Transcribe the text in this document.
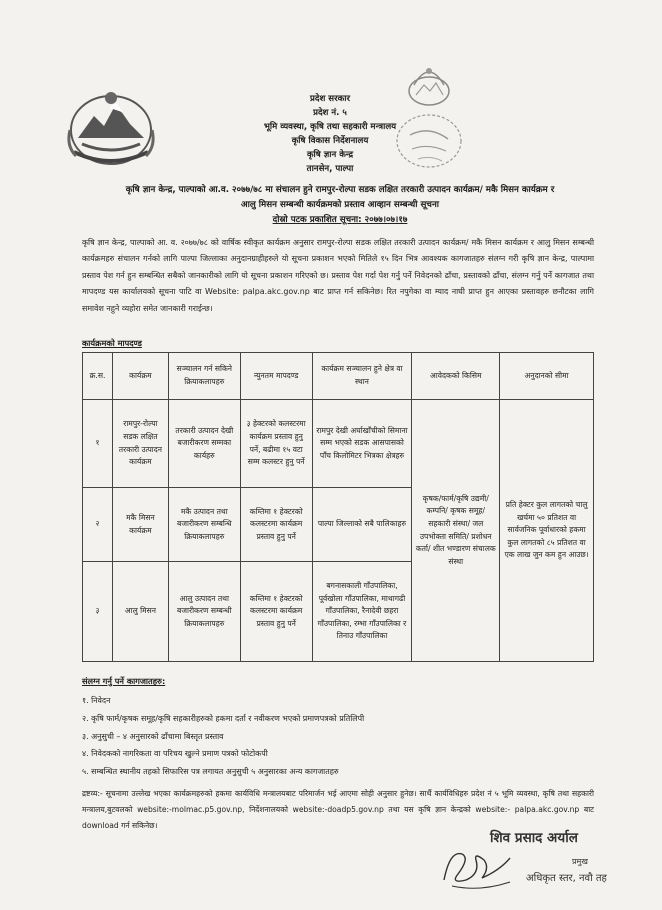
प्रदेश सरकार
प्रदेश नं. ५
भूमि व्यवस्था, कृषि तथा सहकारी मन्त्रालय
कृषि विकास निर्देशनालय
कृषि ज्ञान केन्द्र
तानसेन, पाल्पा
कृषि ज्ञान केन्द्र, पाल्पाको आ.व. २०७७/७८ मा संचालन हुने रामपुर-रोल्पा सडक लक्षित तरकारी उत्पादन कार्यक्रम/ मकै मिसन कार्यक्रम र
आलु मिसन सम्बन्धी कार्यक्रमको प्रस्ताव आव्हान सम्बन्धी सूचना
दोस्रो पटक प्रकाशित सूचना: २०७७।०७।१७
कृषि ज्ञान केन्द्र, पाल्पाको आ. व. २०७७/७८ को वार्षिक स्वीकृत कार्यक्रम अनुसार रामपुर-रोल्पा सडक लक्षित तरकारी उत्पादन कार्यक्रम/ मकै मिसन कार्यक्रम र आलु मिसन सम्बन्धी कार्यक्रमहरु संचालन गर्नको लागि पाल्पा जिल्लाका अनुदानग्राहीहरुले यो सूचना प्रकाशन भएको मितिले १५ दिन भित्र आवश्यक कागजातहरु संलग्न गरी कृषि ज्ञान केन्द्र, पाल्पामा प्रस्ताव पेश गर्न हुन सम्बन्धित सबैको जानकारीको लागि यो सूचना प्रकाशन गरिएको छ। प्रस्ताव पेश गर्दा पेश गर्नु पर्ने निवेदनको ढाँचा, प्रस्तावको ढाँचा, संलग्न गर्नु पर्ने कागजात तथा मापदण्ड यस कार्यालयको सूचना पाटि वा Website: palpa.akc.gov.np बाट प्राप्त गर्न सकिनेछ। रित नपुगेका वा म्याद नाघी प्राप्त हुन आएका प्रस्तावहरु छनौटका लागि समावेश नहुने व्यहोरा समेत जानकारी गराईन्छ।
कार्यक्रमको मापदण्ड
क्र.स.	कार्यक्रम	सञ्चालन गर्न सकिने क्रियाकलापहरु	न्युनतम मापदण्ड	कार्यक्रम सञ्चालन हुने क्षेत्र वा स्थान	आवेदकको किसिम	अनुदानको सीमा
१	रामपुर-रोल्पा सडक लक्षित तरकारी उत्पादन कार्यक्रम	तरकारी उत्पादन देखी बजारीकरण सम्मका कार्यहरु	३ हेक्टरको कलस्टरमा कार्यक्रम प्रस्ताव हुनु पर्ने, बढीमा १५ वटा सम्म कलस्टर हुनु पर्ने	रामपुर देखी अर्घाखाँचीको सिमाना सम्म भएको सडक आसपासको पाँच किलोमिटर भित्रका क्षेत्रहरु	कृषक/फार्म/कृषि उद्यमी/कम्पनि/ कृषक समूह/ सहकारी संस्था/ जल उपभोक्ता समिति/ प्रशोधन कर्ता/ शीत भण्डारण संचालक संस्था	प्रति हेक्टर कुल लागतको चालु खर्चमा ५० प्रतिशत वा सार्वजनिक पूर्वाधारको हकमा कुल लागतको ८५ प्रतिशत वा एक लाख जुन कम हुन आउछ।
२	मकै मिसन कार्यक्रम	मकै उत्पादन तथा बजारीकरण सम्बन्धि क्रियाकलापहरु	कम्तिमा १ हेक्टरको कलस्टरमा कार्यक्रम प्रस्ताव हुनु पर्ने	पाल्पा जिल्लाको सबै पालिकाहरु		
३	आलु मिसन	आलु उत्पादन तथा बजारीकरण सम्बन्धी क्रियाकलापहरु	कम्तिमा १ हेक्टरको कलस्टरमा कार्यक्रम प्रस्ताव हुनु पर्ने	बगनासकाली गाँउपालिका, पूर्वखोला गाँउपालिका, माथागढी गाँउपालिका, रैनादेवी छहरा गाँउपालिका, रम्भा गाँउपालिका र तिनाउ गाँउपालिका		
संलग्न गर्नु पर्ने कागजातहरु:
१. निवेदन
२. कृषि फार्म/कृषक समूह/कृषि सहकारीहरुको हकमा दर्ता र नवीकरण भएको प्रमाणपत्रको प्रतिलिपी
३. अनुसुची – ४ अनुसारको ढाँचामा बिस्तृत प्रस्ताव
४. निवेदकको नागरिकता वा परिचय खुल्ने प्रमाण पत्रको फोटोकपी
५. सम्बन्धित स्थानीय तहको सिफारिस पत्र लगायत अनुसुची ५ अनुसारका अन्य कागजातहरु
द्रष्टव्य:- सूचनामा उल्लेख भएका कार्यक्रमहरुको हकमा कार्यविधि मन्त्रालयबाट परिमार्जन भई आएमा सोही अनुसार हुनेछ। सार्थै कार्यविधिहरु प्रदेश नं ५ भूमि व्यवस्था, कृषि तथा सहकारी मन्त्रालय,बुटवलको website:-molmac.p5.gov.np, निर्देशनालयको website:-doadp5.gov.np तथा यस कृषि ज्ञान केन्द्रको website:- palpa.akc.gov.np बाट download गर्न सकिनेछ।
शिव प्रसाद अर्याल
प्रमुख
अधिकृत स्तर, नवौ तह
